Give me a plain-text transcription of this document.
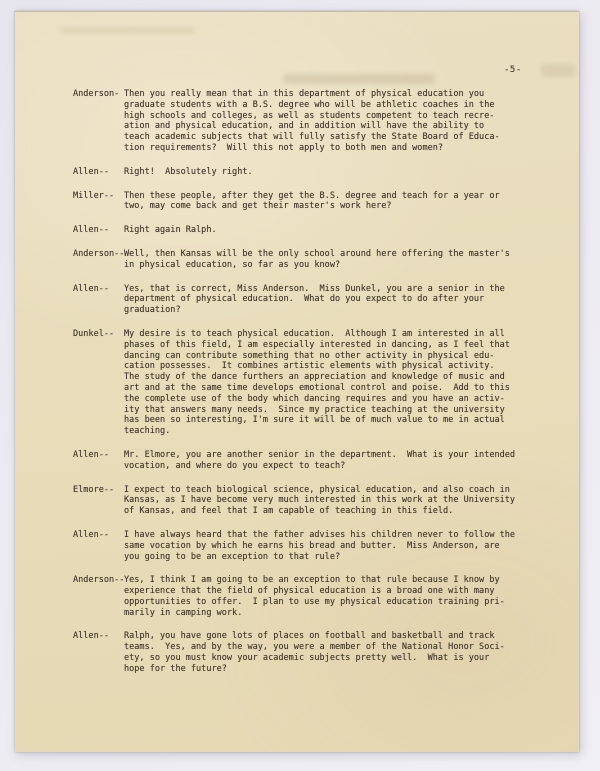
-5-
Anderson- Then you really mean that in this department of physical education you
graduate students with a B.S. degree who will be athletic coaches in the
high schools and colleges, as well as students competent to teach recre-
ation and physical education, and in addition will have the ability to
teach academic subjects that will fully satisfy the State Board of Educa-
tion requirements?  Will this not apply to both men and women?
Allen-- Right!  Absolutely right.
Miller-- Then these people, after they get the B.S. degree and teach for a year or
two, may come back and get their master's work here?
Allen-- Right again Ralph.
Anderson-- Well, then Kansas will be the only school around here offering the master's
in physical education, so far as you know?
Allen-- Yes, that is correct, Miss Anderson.  Miss Dunkel, you are a senior in the
department of physical education.  What do you expect to do after your
graduation?
Dunkel-- My desire is to teach physical education.  Although I am interested in all
phases of this field, I am especially interested in dancing, as I feel that
dancing can contribute something that no other activity in physical edu-
cation possesses.  It combines artistic elements with physical activity.
The study of the dance furthers an appreciation and knowledge of music and
art and at the same time develops emotional control and poise.  Add to this
the complete use of the body which dancing requires and you have an activ-
ity that answers many needs.  Since my practice teaching at the university
has been so interesting, I'm sure it will be of much value to me in actual
teaching.
Allen-- Mr. Elmore, you are another senior in the department.  What is your intended
vocation, and where do you expect to teach?
Elmore-- I expect to teach biological science, physical education, and also coach in
Kansas, as I have become very much interested in this work at the University
of Kansas, and feel that I am capable of teaching in this field.
Allen-- I have always heard that the father advises his children never to follow the
same vocation by which he earns his bread and butter.  Miss Anderson, are
you going to be an exception to that rule?
Anderson-- Yes, I think I am going to be an exception to that rule because I know by
experience that the field of physical education is a broad one with many
opportunities to offer.  I plan to use my physical education training pri-
marily in camping work.
Allen-- Ralph, you have gone lots of places on football and basketball and track
teams.  Yes, and by the way, you were a member of the National Honor Soci-
ety, so you must know your academic subjects pretty well.  What is your
hope for the future?
